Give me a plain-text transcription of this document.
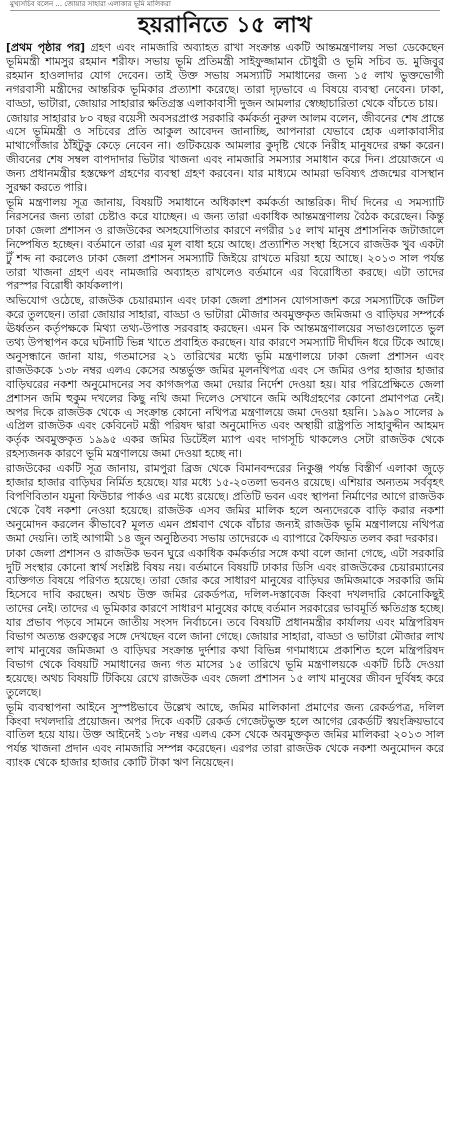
মুখ্যসচিব বলেন ... জোয়ার সাহারা এলাকার ভূমি মালিকরা
হয়রানিতে ১৫ লাখ

[প্রথম পৃষ্ঠার পর] গ্রহণ এবং নামজারি অব্যাহত রাখা সংক্রান্ত একটি আন্তমন্ত্রণালয় সভা ডেকেছেন ভূমিমন্ত্রী শামসুর রহমান শরীফ। সভায় ভূমি প্রতিমন্ত্রী সাইফুজ্জামান চৌধুরী ও ভূমি সচিব ড. মুজিবুর রহমান হাওলাদার যোগ দেবেন। তাই উক্ত সভায় সমস্যাটি সমাধানের জন্য ১৫ লাখ ভুক্তভোগী নগরবাসী মন্ত্রীদের আন্তরিক ভূমিকার প্রত্যাশা করেছে। তারা দৃঢ়ভাবে এ বিষয়ে ব্যবস্থা নেবেন। ঢাকা, বাড্ডা, ভাটারা, জোয়ার সাহারার ক্ষতিগ্রস্ত এলাকাবাসী দুজন আমলার স্বেচ্ছাচারিতা থেকে বাঁচতে চায়।

জোয়ার সাহারার ৮০ বছর বয়েসী অবসরপ্রাপ্ত সরকারি কর্মকর্তা নুরুল আলম বলেন, জীবনের শেষ প্রান্তে এসে ভূমিমন্ত্রী ও সচিবের প্রতি আকুল আবেদন জানাচ্ছি, আপনারা যেভাবে হোক এলাকাবাসীর মাথাগোঁজার ঠাঁইটুকু কেড়ে নেবেন না। গুটিকয়েক আমলার কুদৃষ্টি থেকে নিরীহ মানুষদের রক্ষা করেন। জীবনের শেষ সম্বল বাপদাদার ভিটার খাজনা এবং নামজারি সমস্যার সমাধান করে দিন। প্রয়োজনে এ জন্য প্রধানমন্ত্রীর হস্তক্ষেপ গ্রহণের ব্যবস্থা গ্রহণ করবেন। যার মাধ্যমে আমরা ভবিষ্যৎ প্রজন্মের বাসস্থান সুরক্ষা করতে পারি।

ভূমি মন্ত্রণালয় সূত্র জানায়, বিষয়টি সমাধানে অধিকাংশ কর্মকর্তা আন্তরিক। দীর্ঘ দিনের এ সমস্যাটি নিরসনের জন্য তারা চেষ্টাও করে যাচ্ছেন। এ জন্য তারা একাধিক আন্তমন্ত্রণালয় বৈঠক করেছেন। কিন্তু ঢাকা জেলা প্রশাসন ও রাজউকের অসহযোগিতার কারণে নগরীর ১৫ লাখ মানুষ প্রশাসনিক জটাজালে নিষ্পেষিত হচ্ছেন। বর্তমানে তারা এর মূল বাধা হয়ে আছে। প্রত্যাশিত সংস্থা হিসেবে রাজউক খুব একটা টুঁ শব্দ না করলেও ঢাকা জেলা প্রশাসন সমস্যাটি জিইয়ে রাখতে মরিয়া হয়ে আছে। ২০১৩ সাল পর্যন্ত তারা খাজনা গ্রহণ এবং নামজারি অব্যাহত রাখলেও বর্তমানে এর বিরোধিতা করছে। এটা তাদের পরস্পর বিরোধী কার্যকলাপ।

অভিযোগ ওঠেছে, রাজউক চেয়ারম্যান এবং ঢাকা জেলা প্রশাসন যোগসাজশ করে সমস্যাটিকে জটিল করে তুলছেন। তারা জোয়ার সাহারা, বাড্ডা ও ভাটারা মৌজার অবমুক্তকৃত জমিজমা ও বাড়িঘর সম্পর্কে ঊর্ধ্বতন কর্তৃপক্ষকে মিথ্যা তথ্য-উপাত্ত সরবরাহ করছেন। এমন কি আন্তমন্ত্রণালয়ের সভাগুলোতে ভুল তথ্য উপস্থাপন করে ঘটনাটি ভিন্ন খাতে প্রবাহিত করছেন। যার কারণে সমস্যাটি দীর্ঘদিন ধরে টিকে আছে। অনুসন্ধানে জানা যায়, গতমাসের ২১ তারিখের মধ্যে ভূমি মন্ত্রণালয়ে ঢাকা জেলা প্রশাসন এবং রাজউককে ১৩৮ নম্বর এলএ কেসের অন্তর্ভুক্ত জমির মূলনথিপত্র এবং সে জমির ওপর হাজার হাজার বাড়িঘরের নকশা অনুমোদনের সব কাগজপত্র জমা দেয়ার নির্দেশ দেওয়া হয়। যার পরিপ্রেক্ষিতে জেলা প্রশাসন জমি হুকুম দখলের কিছু নথি জমা দিলেও সেখানে জমি অধিগ্রহণের কোনো প্রমাণপত্র নেই। অপর দিকে রাজউক থেকে এ সংক্রান্ত কোনো নথিপত্র মন্ত্রণালয়ে জমা দেওয়া হয়নি। ১৯৯০ সালের ৯ এপ্রিল রাজউক এবং কেবিনেট মন্ত্রী পরিষদ দ্বারা অনুমোদিত এবং অস্থায়ী রাষ্ট্রপতি সাহাবুদ্দীন আহমদ কর্তৃক অবমুক্তকৃত ১৯৯৫ একর জমির ডিটেইল ম্যাপ এবং দাগসূচি থাকলেও সেটা রাজউক থেকে রহস্যজনক কারণে ভূমি মন্ত্রণালয়ে জমা দেওয়া হচ্ছে না।

রাজউকের একটি সূত্র জানায়, রামপুরা ব্রিজ থেকে বিমানবন্দরের নিকুঞ্জ পর্যন্ত বিস্তীর্ণ এলাকা জুড়ে হাজার হাজার বাড়িঘর নির্মিত হয়েছে। যার মধ্যে ১৫-২০তলা ভবনও রয়েছে। এশিয়ার অন্যতম সর্ববৃহৎ বিপণিবিতান যমুনা ফিউচার পার্কও এর মধ্যে রয়েছে। প্রতিটি ভবন এবং স্থাপনা নির্মাণের আগে রাজউক থেকে বৈধ নকশা নেওয়া হয়েছে। রাজউক এসব জমির মালিক হলে অন্যদেরকে বাড়ি করার নকশা অনুমোদন করলেন কীভাবে? মূলত এমন প্রশ্নবাণ থেকে বাঁচার জন্যই রাজউক ভূমি মন্ত্রণালয়ে নথিপত্র জমা দেয়নি। তাই আগামী ১৪ জুন অনুষ্ঠিতব্য সভায় তাদেরকে এ ব্যাপারে কৈফিয়ত তলব করা দরকার।

ঢাকা জেলা প্রশাসন ও রাজউক ভবন ঘুরে একাধিক কর্মকর্তার সঙ্গে কথা বলে জানা গেছে, এটা সরকারি দুটি সংস্থার কোনো স্বার্থ সংশ্লিষ্ট বিষয় নয়। বর্তমানে বিষয়টি ঢাকার ডিসি এবং রাজউকের চেয়ারম্যানের ব্যক্তিগত বিষয়ে পরিণত হয়েছে। তারা জোর করে সাধারণ মানুষের বাড়িঘর জমিজমাকে সরকারি জমি হিসেবে দাবি করছেন। অথচ উক্ত জমির রেকর্ডপত্র, দলিল-দস্তাবেজ কিংবা দখলদারি কোনোকিছুই তাদের নেই। তাদের এ ভূমিকার কারণে সাধারণ মানুষের কাছে বর্তমান সরকারের ভাবমূর্তি ক্ষতিগ্রস্ত হচ্ছে। যার প্রভাব পড়বে সামনে জাতীয় সংসদ নির্বাচনে। তবে বিষয়টি প্রধানমন্ত্রীর কার্যালয় এবং মন্ত্রিপরিষদ বিভাগ অত্যন্ত গুরুত্বের সঙ্গে দেখছেন বলে জানা গেছে। জোয়ার সাহারা, বাড্ডা ও ভাটারা মৌজার লাখ লাখ মানুষের জমিজমা ও বাড়িঘর সংক্রান্ত দুর্দশার কথা বিভিন্ন গণমাধ্যমে প্রকাশিত হলে মন্ত্রিপরিষদ বিভাগ থেকে বিষয়টি সমাধানের জন্য গত মাসের ১৫ তারিখে ভূমি মন্ত্রণালয়কে একটি চিঠি দেওয়া হয়েছে। অথচ বিষয়টি টিকিয়ে রেখে রাজউক এবং জেলা প্রশাসন ১৫ লাখ মানুষের জীবন দুর্বিষহ করে তুলেছে।

ভূমি ব্যবস্থাপনা আইনে সুস্পষ্টভাবে উল্লেখ আছে, জমির মালিকানা প্রমাণের জন্য রেকর্ডপত্র, দলিল কিংবা দখলদারি প্রয়োজন। অপর দিকে একটি রেকর্ড গেজেটভুক্ত হলে আগের রেকর্ডটি স্বয়ংক্রিয়ভাবে বাতিল হয়ে যায়। উক্ত আইনেই ১৩৮ নম্বর এলএ কেস থেকে অবমুক্তকৃত জমির মালিকরা ২০১৩ সাল পর্যন্ত খাজনা প্রদান এবং নামজারি সম্পন্ন করেছেন। এরপর তারা রাজউক থেকে নকশা অনুমোদন করে ব্যাংক থেকে হাজার হাজার কোটি টাকা ঋণ নিয়েছেন।
